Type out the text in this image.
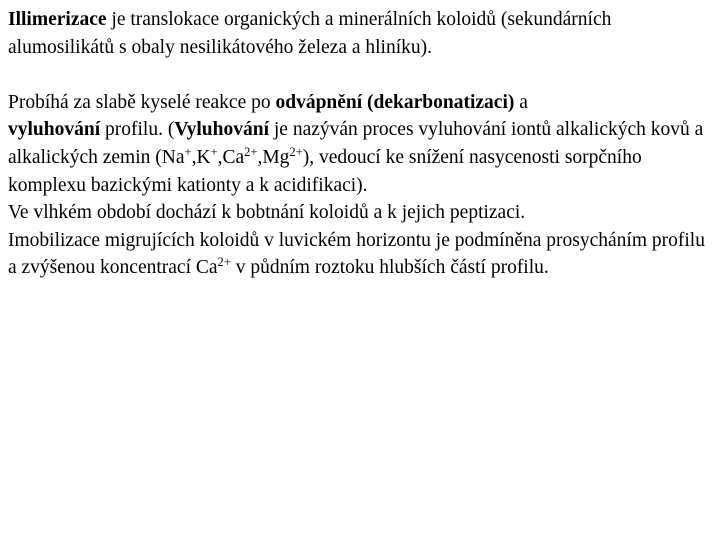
Illimerizace je translokace organických a minerálních koloidů (sekundárních alumosilikátů s obaly nesilikátového železa a hliníku).

Probíhá za slabě kyselé reakce po odvápnění (dekarbonatizaci) a
vyluhování profilu. (Vyluhování je nazýván proces vyluhování iontů alkalických kovů a alkalických zemin $(Na^+,K^+,Ca^{2+},Mg^{2+})$, vedoucí ke snížení nasycenosti sorpčního komplexu bazickými kationty a k acidifikaci).

Ve vlhkém období dochází k bobtnání koloidů a k jejich peptizaci.

Imobilizace migrujících koloidů v luvickém horizontu je podmíněna prosycháním profilu a zvýšenou koncentrací $Ca^{2+}$ v půdním roztoku hlubších částí profilu.
